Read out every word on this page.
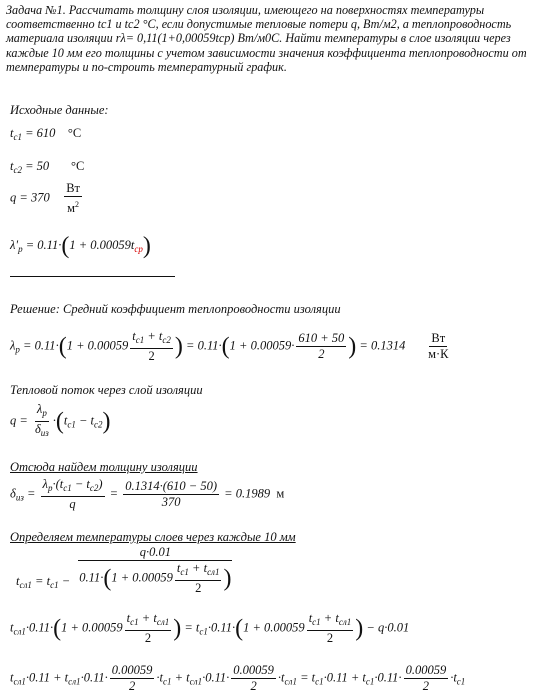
Задача №1. Рассчитать толщину слоя изоляции, имеющего на поверхностях температуры соответственно tc1 и tc2 °С, если допустимые тепловые потери q, Вт/м2, а теплопроводность материала изоляции rλ= 0,11(1+0,00059tcp) Вт/м0С. Найти температуры в слое изоляции через каждые 10 мм его толщины с учетом зависимости значения коэффициента теплопроводности от температуры и по-строить температурный график.
Исходные данные:
$t_{c1} = 610$ °C
$t_{c2} = 50$ °C
$q = 370 \frac{Вт}{м^2}$
$\lambda'_p = 0.11\cdot(1 + 0.00059t_{cp})$
Решение: Средний коэффициент теплопроводности изоляции
$\lambda_p = 0.11\cdot(1 + 0.00059 \frac{t_{c1} + t_{c2}}{2}$ ) = $0.11\cdot(1 + 0.00059\cdot \frac{610 + 50}{2}$ ) = $0.1314 \frac{Вт}{м\cdot К}$
Тепловой поток через слой изоляции
$q = \frac{\lambda_p}{\delta_{из}} \cdot(t_{c1} - t_{c2})$
Отсюда найдем толщину изоляции
$\delta_{из} = \frac{\lambda_p\cdot(t_{c1} - t_{c2})}{q} = \frac{0.1314\cdot(610 - 50)}{370} = 0.1989$ м
Определяем температуры слоев через каждые 10 мм
$t_{сл1} = t_{c1} - \frac{q\cdot 0.01}{0.11\cdot(1 + 0.00059 \frac{t_{c1} + t_{сл1}}{2} )}$
$t_{сл1}\cdot 0.11\cdot(1 + 0.00059 \frac{t_{c1} + t_{сл1}}{2}$ ) = $t_{c1}\cdot 0.11\cdot(1 + 0.00059 \frac{t_{c1} + t_{сл1}}{2}$ ) − q·0.01
$t_{сл1}\cdot 0.11 + t_{сл1}\cdot 0.11\cdot \frac{0.00059}{2} \cdot t_{c1} + t_{сл1}\cdot 0.11\cdot \frac{0.00059}{2} \cdot t_{сл1} = t_{c1}\cdot 0.11 + t_{c1}\cdot 0.11\cdot \frac{0.00059}{2} \cdot t_{c1}$
